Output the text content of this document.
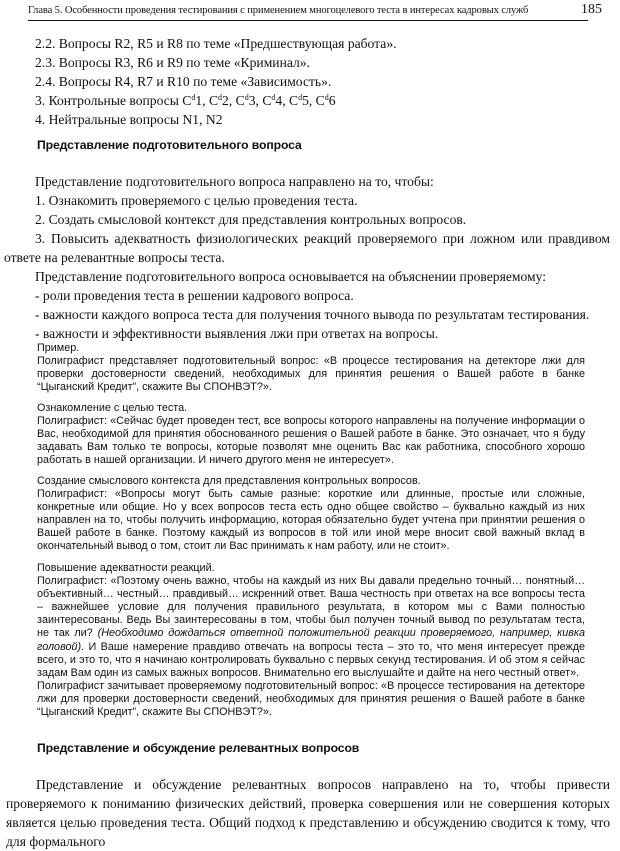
Глава 5. Особенности проведения тестирования с применением многоцелевого теста в интересах кадровых служб	185

2.2. Вопросы R2, R5 и R8 по теме «Предшествующая работа».

2.3. Вопросы R3, R6 и R9 по теме «Криминал».

2.4. Вопросы R4, R7 и R10 по теме «Зависимость».

3. Контрольные вопросы $C^d1$, $C^d2$, $C^d3$, $C^d4$, $C^d5$, $C^d6$

4. Нейтральные вопросы N1, N2

Представление подготовительного вопроса

Представление подготовительного вопроса направлено на то, чтобы:

1. Ознакомить проверяемого с целью проведения теста.

2. Создать смысловой контекст для представления контрольных вопросов.

3. Повысить адекватность физиологических реакций проверяемого при ложном или правдивом

ответе на релевантные вопросы теста.

Представление подготовительного вопроса основывается на объяснении проверяемому:

- роли проведения теста в решении кадрового вопроса.

- важности каждого вопроса теста для получения точного вывода по результатам тестирования.

- важности и эффективности выявления лжи при ответах на вопросы.

Пример.

Полиграфист представляет подготовительный вопрос: «В процессе тестирования на детекторе лжи для проверки достоверности сведений, необходимых для принятия решения о Вашей работе в банке “Цыганский Кредит”, скажите Вы СПОНВЭТ?».

Ознакомление с целью теста.

Полиграфист: «Сейчас будет проведен тест, все вопросы которого направлены на получение информации о Вас, необходимой для принятия обоснованного решения о Вашей работе в банке. Это означает, что я буду задавать Вам только те вопросы, которые позволят мне оценить Вас как работника, способного хорошо работать в нашей организации. И ничего другого меня не интересует».

Создание смыслового контекста для представления контрольных вопросов.

Полиграфист: «Вопросы могут быть самые разные: короткие или длинные, простые или сложные, конкретные или общие. Но у всех вопросов теста есть одно общее свойство – буквально каждый из них направлен на то, чтобы получить информацию, которая обязательно будет учтена при принятии решения о Вашей работе в банке. Поэтому каждый из вопросов в той или иной мере вносит свой важный вклад в окончательный вывод о том, стоит ли Вас принимать к нам работу, или не стоит».

Повышение адекватности реакций.

Полиграфист: «Поэтому очень важно, чтобы на каждый из них Вы давали предельно точный… понятный… объективный… честный… правдивый… искренний ответ. Ваша честность при ответах на все вопросы теста – важнейшее условие для получения правильного результата, в котором мы с Вами полностью заинтересованы. Ведь Вы заинтересованы в том, чтобы был получен точный вывод по результатам теста, не так ли? (Необходимо дождаться ответной положительной реакции проверяемого, например, кивка головой). И Ваше намерение правдиво отвечать на вопросы теста – это то, что меня интересует прежде всего, и это то, что я начинаю контролировать буквально с первых секунд тестирования. И об этом я сейчас задам Вам один из самых важных вопросов. Внимательно его выслушайте и дайте на него честный ответ».

Полиграфист зачитывает проверяемому подготовительный вопрос: «В процессе тестирования на детекторе лжи для проверки достоверности сведений, необходимых для принятия решения о Вашей работе в банке “Цыганский Кредит”, скажите Вы СПОНВЭТ?».

Представление и обсуждение релевантных вопросов

Представление и обсуждение релевантных вопросов направлено на то, чтобы привести проверяемого к пониманию физических действий, проверка совершения или не совершения которых является целью проведения теста. Общий подход к представлению и обсуждению сводится к тому, что для формального
